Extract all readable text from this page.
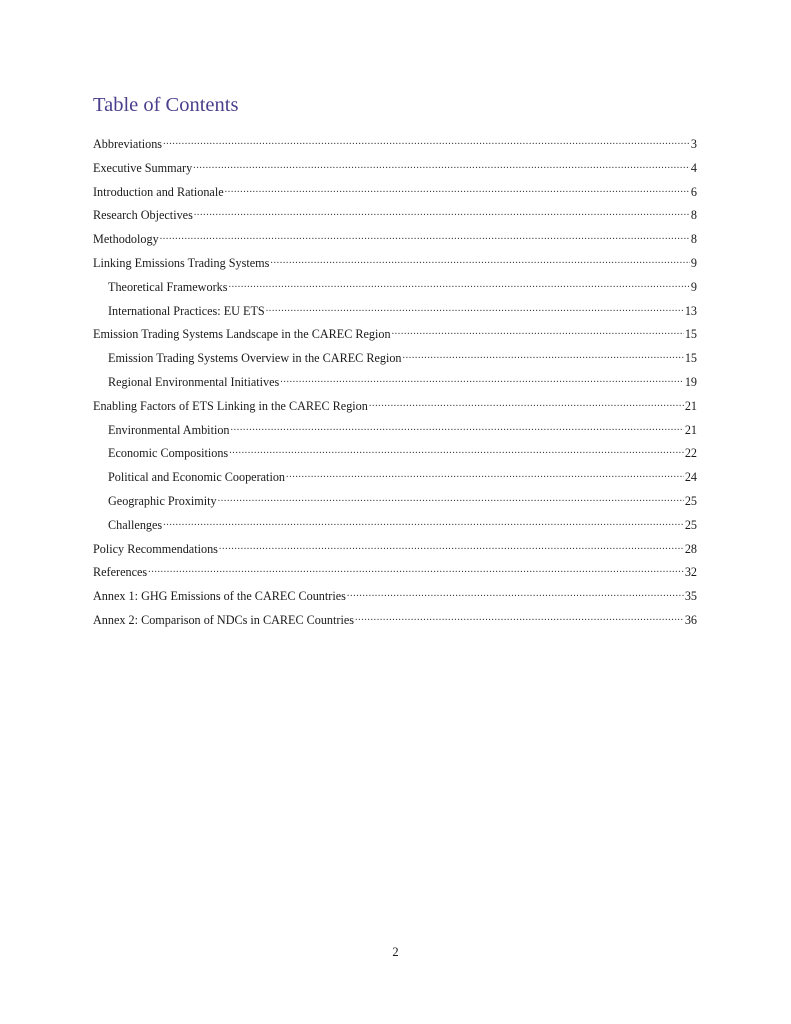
Table of Contents
Abbreviations .....	3
Executive Summary .....	4
Introduction and Rationale .....	6
Research Objectives .....	8
Methodology .....	8
Linking Emissions Trading Systems .....	9
Theoretical Frameworks .....	9
International Practices: EU ETS .....	13
Emission Trading Systems Landscape in the CAREC Region .....	15
Emission Trading Systems Overview in the CAREC Region .....	15
Regional Environmental Initiatives .....	19
Enabling Factors of ETS Linking in the CAREC Region .....	21
Environmental Ambition .....	21
Economic Compositions .....	22
Political and Economic Cooperation .....	24
Geographic Proximity .....	25
Challenges .....	25
Policy Recommendations .....	28
References .....	32
Annex 1: GHG Emissions of the CAREC Countries .....	35
Annex 2: Comparison of NDCs in CAREC Countries .....	36
2
